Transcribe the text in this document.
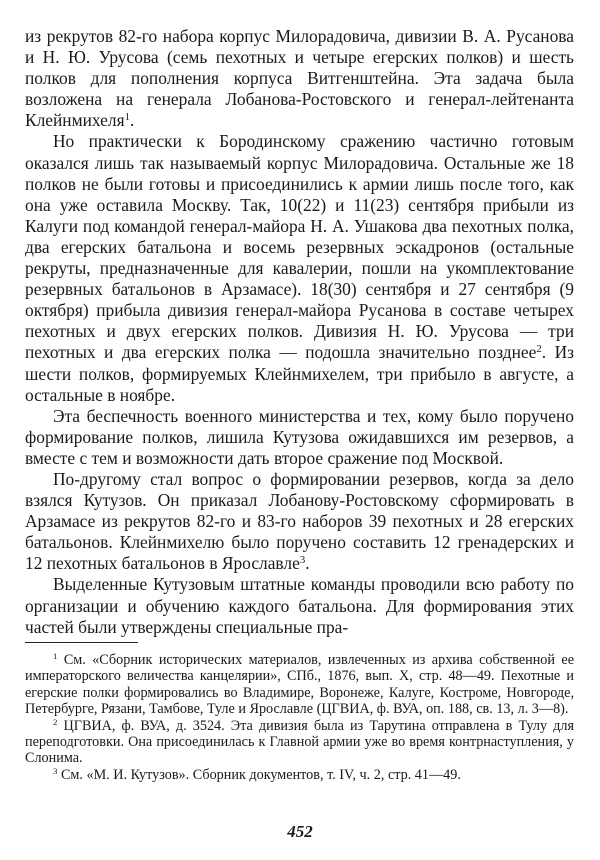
из рекрутов 82-го набора корпус Милорадовича, дивизии В. А. Русанова и Н. Ю. Урусова (семь пехотных и четыре егерских полков) и шесть полков для пополнения корпуса Витгенштейна. Эта задача была возложена на генерала Лобанова-Ростовского и генерал-лейтенанта Клейнмихеля$^1$.

Но практически к Бородинскому сражению частично готовым оказался лишь так называемый корпус Милорадовича. Остальные же 18 полков не были готовы и присоединились к армии лишь после того, как она уже оставила Москву. Так, 10(22) и 11(23) сентября прибыли из Калуги под командой генерал-майора Н. А. Ушакова два пехотных полка, два егерских батальона и восемь резервных эскадронов (остальные рекруты, предназначенные для кавалерии, пошли на укомплектование резервных батальонов в Арзамасе). 18(30) сентября и 27 сентября (9 октября) прибыла дивизия генерал-майора Русанова в составе четырех пехотных и двух егерских полков. Дивизия Н. Ю. Урусова — три пехотных и два егерских полка — подошла значительно позднее$^2$. Из шести полков, формируемых Клейнмихелем, три прибыло в августе, а остальные в ноябре.

Эта беспечность военного министерства и тех, кому было поручено формирование полков, лишила Кутузова ожидавшихся им резервов, а вместе с тем и возможности дать второе сражение под Москвой.

По-другому стал вопрос о формировании резервов, когда за дело взялся Кутузов. Он приказал Лобанову-Ростовскому сформировать в Арзамасе из рекрутов 82-го и 83-го наборов 39 пехотных и 28 егерских батальонов. Клейнмихелю было поручено составить 12 гренадерских и 12 пехотных батальонов в Ярославле$^3$.

Выделенные Кутузовым штатные команды проводили всю работу по организации и обучению каждого батальона. Для формирования этих частей были утверждены специальные пра-

$^1$ См. «Сборник исторических материалов, извлеченных из архива собственной ее императорского величества канцелярии», СПб., 1876, вып. X, стр. 48—49. Пехотные и егерские полки формировались во Владимире, Воронеже, Калуге, Костроме, Новгороде, Петербурге, Рязани, Тамбове, Туле и Ярославле (ЦГВИА, ф. ВУА, оп. 188, св. 13, л. 3—8).

$^2$ ЦГВИА, ф. ВУА, д. 3524. Эта дивизия была из Тарутина отправлена в Тулу для переподготовки. Она присоединилась к Главной армии уже во время контрнаступления, у Слонима.

$^3$ См. «М. И. Кутузов». Сборник документов, т. IV, ч. 2, стр. 41—49.

452
